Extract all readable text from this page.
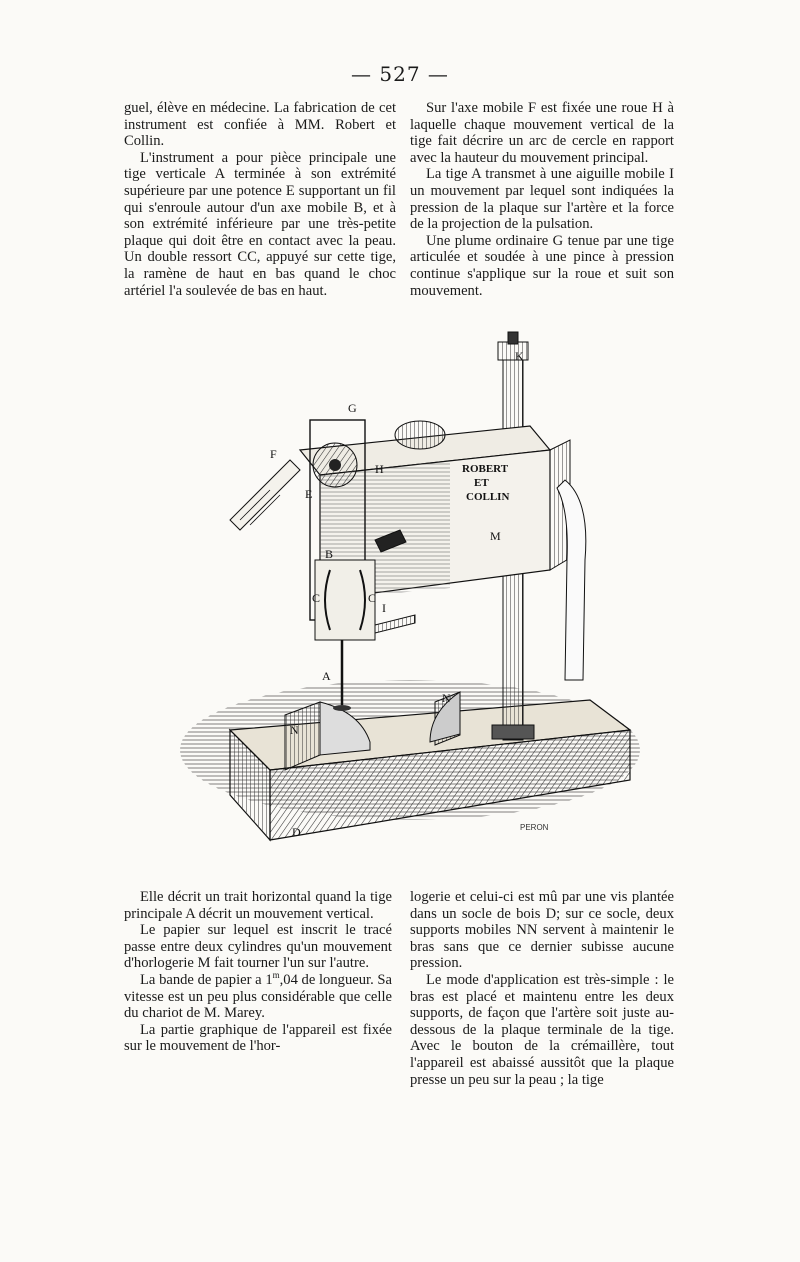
— 527 —

guel, élève en médecine. La fabrication de cet instrument est confiée à MM. Robert et Collin.

L'instrument a pour pièce principale une tige verticale A terminée à son extrémité supérieure par une potence E supportant un fil qui s'enroule autour d'un axe mobile B, et à son extrémité inférieure par une très-petite plaque qui doit être en contact avec la peau. Un double ressort CC, appuyé sur cette tige, la ramène de haut en bas quand le choc artériel l'a soulevée de bas en haut.

Sur l'axe mobile F est fixée une roue H à laquelle chaque mouvement vertical de la tige fait décrire un arc de cercle en rapport avec la hauteur du mouvement principal.

La tige A transmet à une aiguille mobile I un mouvement par lequel sont indiquées la pression de la plaque sur l'artère et la force de la projection de la pulsation.

Une plume ordinaire G tenue par une tige articulée et soudée à une pince à pression continue s'applique sur la roue et suit son mouvement.

K
G
F
H
E
B
C	C
I
A
N
N
M
D
ROBERT
ET
COLLIN
PERON

Elle décrit un trait horizontal quand la tige principale A décrit un mouvement vertical.

Le papier sur lequel est inscrit le tracé passe entre deux cylindres qu'un mouvement d'horlogerie M fait tourner l'un sur l'autre.

La bande de papier a 1$^m$,04 de longueur. Sa vitesse est un peu plus considérable que celle du chariot de M. Marey.

La partie graphique de l'appareil est fixée sur le mouvement de l'hor-

logerie et celui-ci est mû par une vis plantée dans un socle de bois D; sur ce socle, deux supports mobiles NN servent à maintenir le bras sans que ce dernier subisse aucune pression.

Le mode d'application est très-simple : le bras est placé et maintenu entre les deux supports, de façon que l'artère soit juste au-dessous de la plaque terminale de la tige. Avec le bouton de la crémaillère, tout l'appareil est abaissé aussitôt que la plaque presse un peu sur la peau ; la tige
